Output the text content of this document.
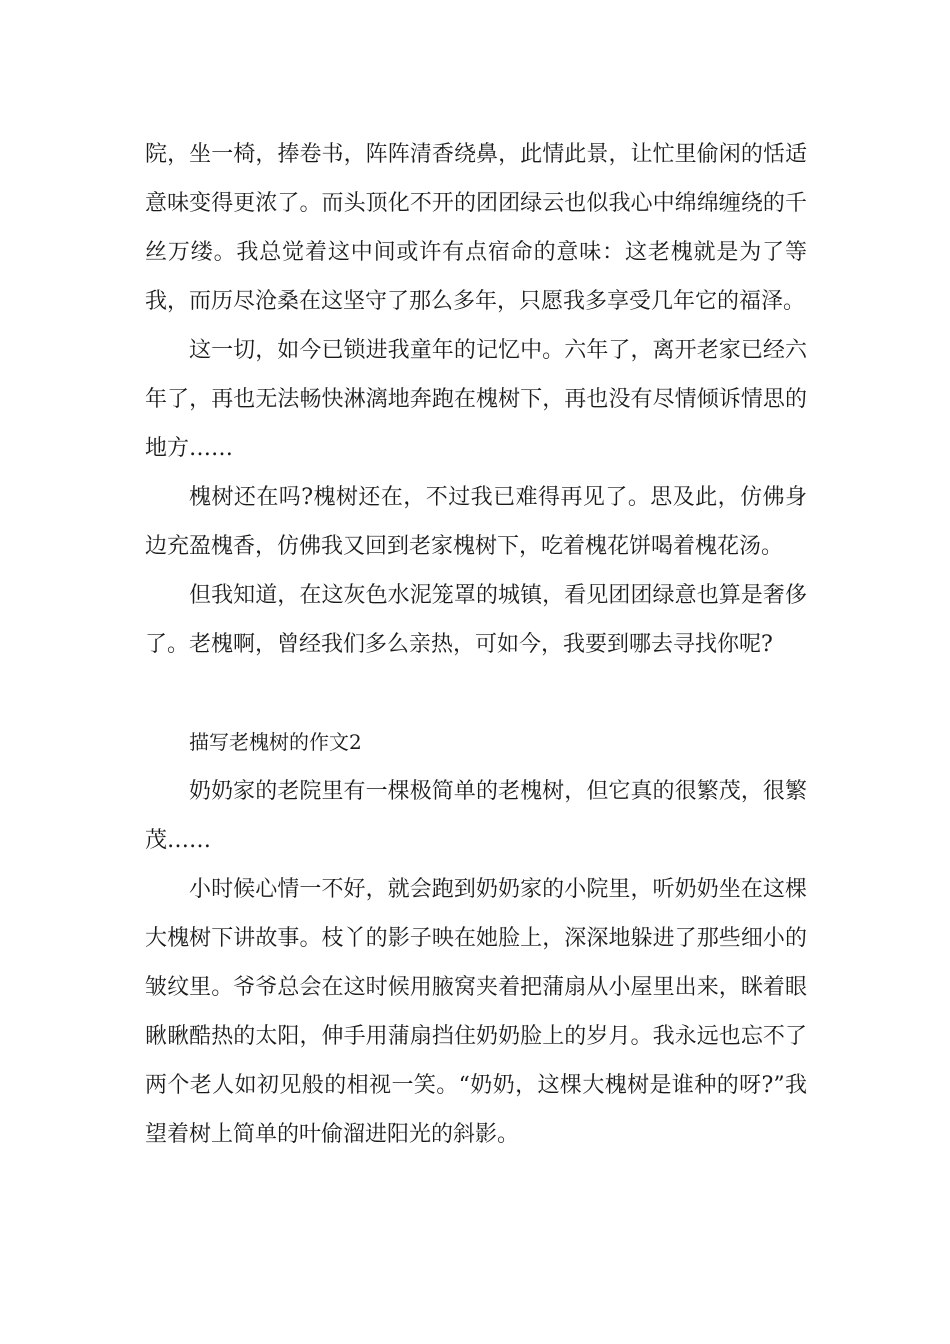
院，坐一椅，捧卷书，阵阵清香绕鼻，此情此景，让忙里偷闲的恬适意味变得更浓了。而头顶化不开的团团绿云也似我心中绵绵缠绕的千丝万缕。我总觉着这中间或许有点宿命的意味：这老槐就是为了等我，而历尽沧桑在这坚守了那么多年，只愿我多享受几年它的福泽。

这一切，如今已锁进我童年的记忆中。六年了，离开老家已经六年了，再也无法畅快淋漓地奔跑在槐树下，再也没有尽情倾诉情思的地方……

槐树还在吗?槐树还在，不过我已难得再见了。思及此，仿佛身边充盈槐香，仿佛我又回到老家槐树下，吃着槐花饼喝着槐花汤。

但我知道，在这灰色水泥笼罩的城镇，看见团团绿意也算是奢侈了。老槐啊，曾经我们多么亲热，可如今，我要到哪去寻找你呢?

描写老槐树的作文2

奶奶家的老院里有一棵极简单的老槐树，但它真的很繁茂，很繁茂……

小时候心情一不好，就会跑到奶奶家的小院里，听奶奶坐在这棵大槐树下讲故事。枝丫的影子映在她脸上，深深地躲进了那些细小的皱纹里。爷爷总会在这时候用腋窝夹着把蒲扇从小屋里出来，眯着眼瞅瞅酷热的太阳，伸手用蒲扇挡住奶奶脸上的岁月。我永远也忘不了两个老人如初见般的相视一笑。“奶奶，这棵大槐树是谁种的呀?”我望着树上简单的叶偷溜进阳光的斜影。
